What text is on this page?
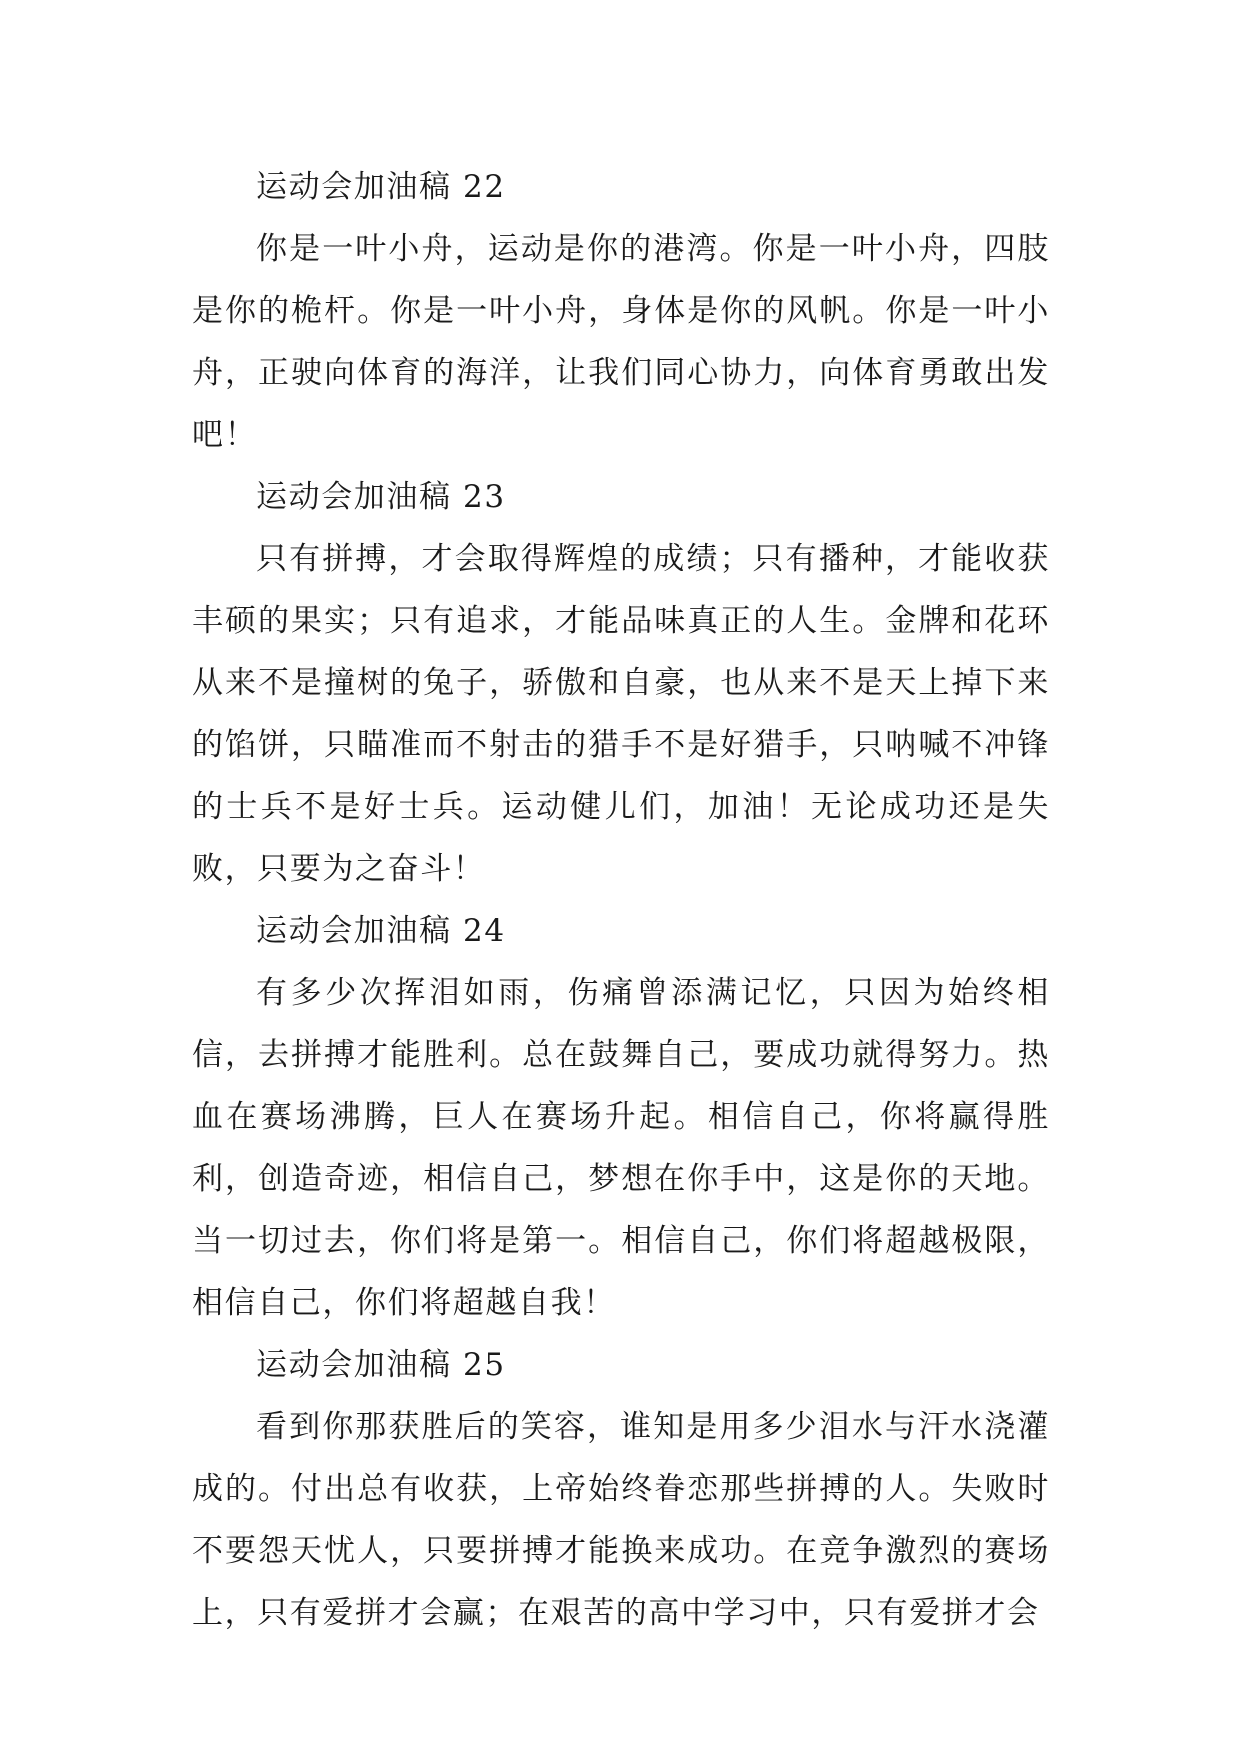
运动会加油稿 22

你是一叶小舟，运动是你的港湾。你是一叶小舟，四肢是你的桅杆。你是一叶小舟，身体是你的风帆。你是一叶小舟，正驶向体育的海洋，让我们同心协力，向体育勇敢出发吧！

运动会加油稿 23

只有拼搏，才会取得辉煌的成绩；只有播种，才能收获丰硕的果实；只有追求，才能品味真正的人生。金牌和花环从来不是撞树的兔子，骄傲和自豪，也从来不是天上掉下来的馅饼，只瞄准而不射击的猎手不是好猎手，只呐喊不冲锋的士兵不是好士兵。运动健儿们，加油！无论成功还是失败，只要为之奋斗！

运动会加油稿 24

有多少次挥泪如雨，伤痛曾添满记忆，只因为始终相信，去拼搏才能胜利。总在鼓舞自己，要成功就得努力。热血在赛场沸腾，巨人在赛场升起。相信自己，你将赢得胜利，创造奇迹，相信自己，梦想在你手中，这是你的天地。当一切过去，你们将是第一。相信自己，你们将超越极限，相信自己，你们将超越自我！

运动会加油稿 25

看到你那获胜后的笑容，谁知是用多少泪水与汗水浇灌成的。付出总有收获，上帝始终眷恋那些拼搏的人。失败时不要怨天忧人，只要拼搏才能换来成功。在竞争激烈的赛场上，只有爱拼才会赢；在艰苦的高中学习中，只有爱拼才会
